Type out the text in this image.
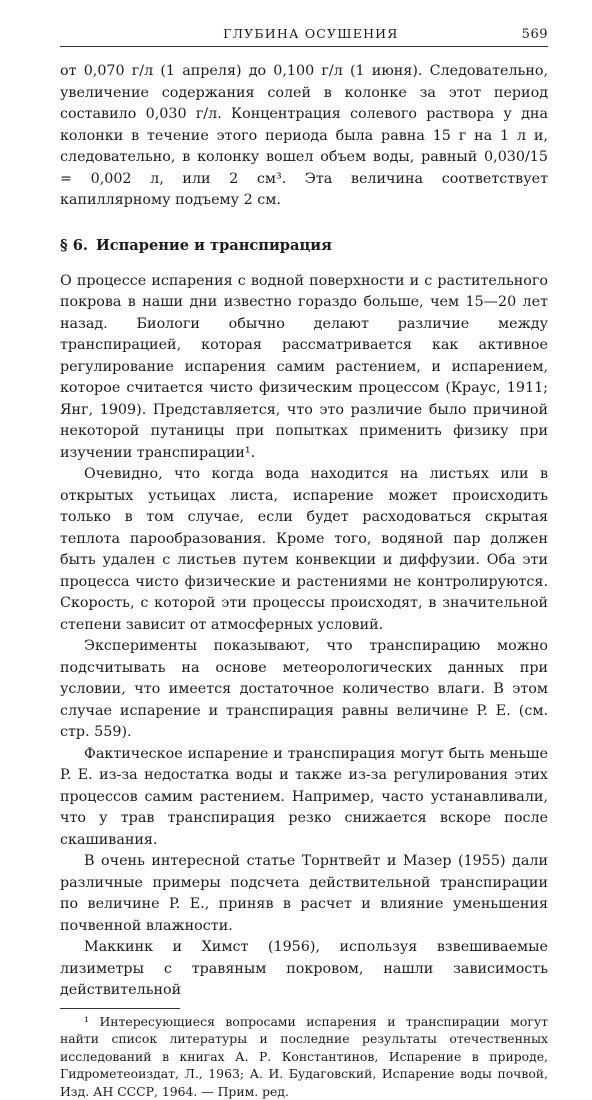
ГЛУБИНА ОСУШЕНИЯ	569

от 0,070 г/л (1 апреля) до 0,100 г/л (1 июня). Следовательно, увеличение содержания солей в колонке за этот период составило 0,030 г/л. Концентрация солевого раствора у дна колонки в течение этого периода была равна 15 г на 1 л и, следовательно, в колонку вошел объем воды, равный 0,030/15 = 0,002 л, или 2 см³. Эта величина соответствует капиллярному подъему 2 см.

§ 6. Испарение и транспирация

О процессе испарения с водной поверхности и с растительного покрова в наши дни известно гораздо больше, чем 15—20 лет назад. Биологи обычно делают различие между транспирацией, которая рассматривается как активное регулирование испарения самим растением, и испарением, которое считается чисто физическим процессом (Краус, 1911; Янг, 1909). Представляется, что это различие было причиной некоторой путаницы при попытках применить физику при изучении транспирации¹.

Очевидно, что когда вода находится на листьях или в открытых устьицах листа, испарение может происходить только в том случае, если будет расходоваться скрытая теплота парообразования. Кроме того, водяной пар должен быть удален с листьев путем конвекции и диффузии. Оба эти процесса чисто физические и растениями не контролируются. Скорость, с которой эти процессы происходят, в значительной степени зависит от атмосферных условий.

Эксперименты показывают, что транспирацию можно подсчитывать на основе метеорологических данных при условии, что имеется достаточное количество влаги. В этом случае испарение и транспирация равны величине P. E. (см. стр. 559).

Фактическое испарение и транспирация могут быть меньше P. E. из-за недостатка воды и также из-за регулирования этих процессов самим растением. Например, часто устанавливали, что у трав транспирация резко снижается вскоре после скашивания.

В очень интересной статье Торнтвейт и Мазер (1955) дали различные примеры подсчета действительной транспирации по величине P. E., приняв в расчет и влияние уменьшения почвенной влажности.

Маккинк и Химст (1956), используя взвешиваемые лизиметры с травяным покровом, нашли зависимость действительной

¹ Интересующиеся вопросами испарения и транспирации могут найти список литературы и последние результаты отечественных исследований в книгах А. Р. Константинов, Испарение в природе, Гидрометеоиздат, Л., 1963; А. И. Будаговский, Испарение воды почвой, Изд. АН СССР, 1964. — Прим. ред.
